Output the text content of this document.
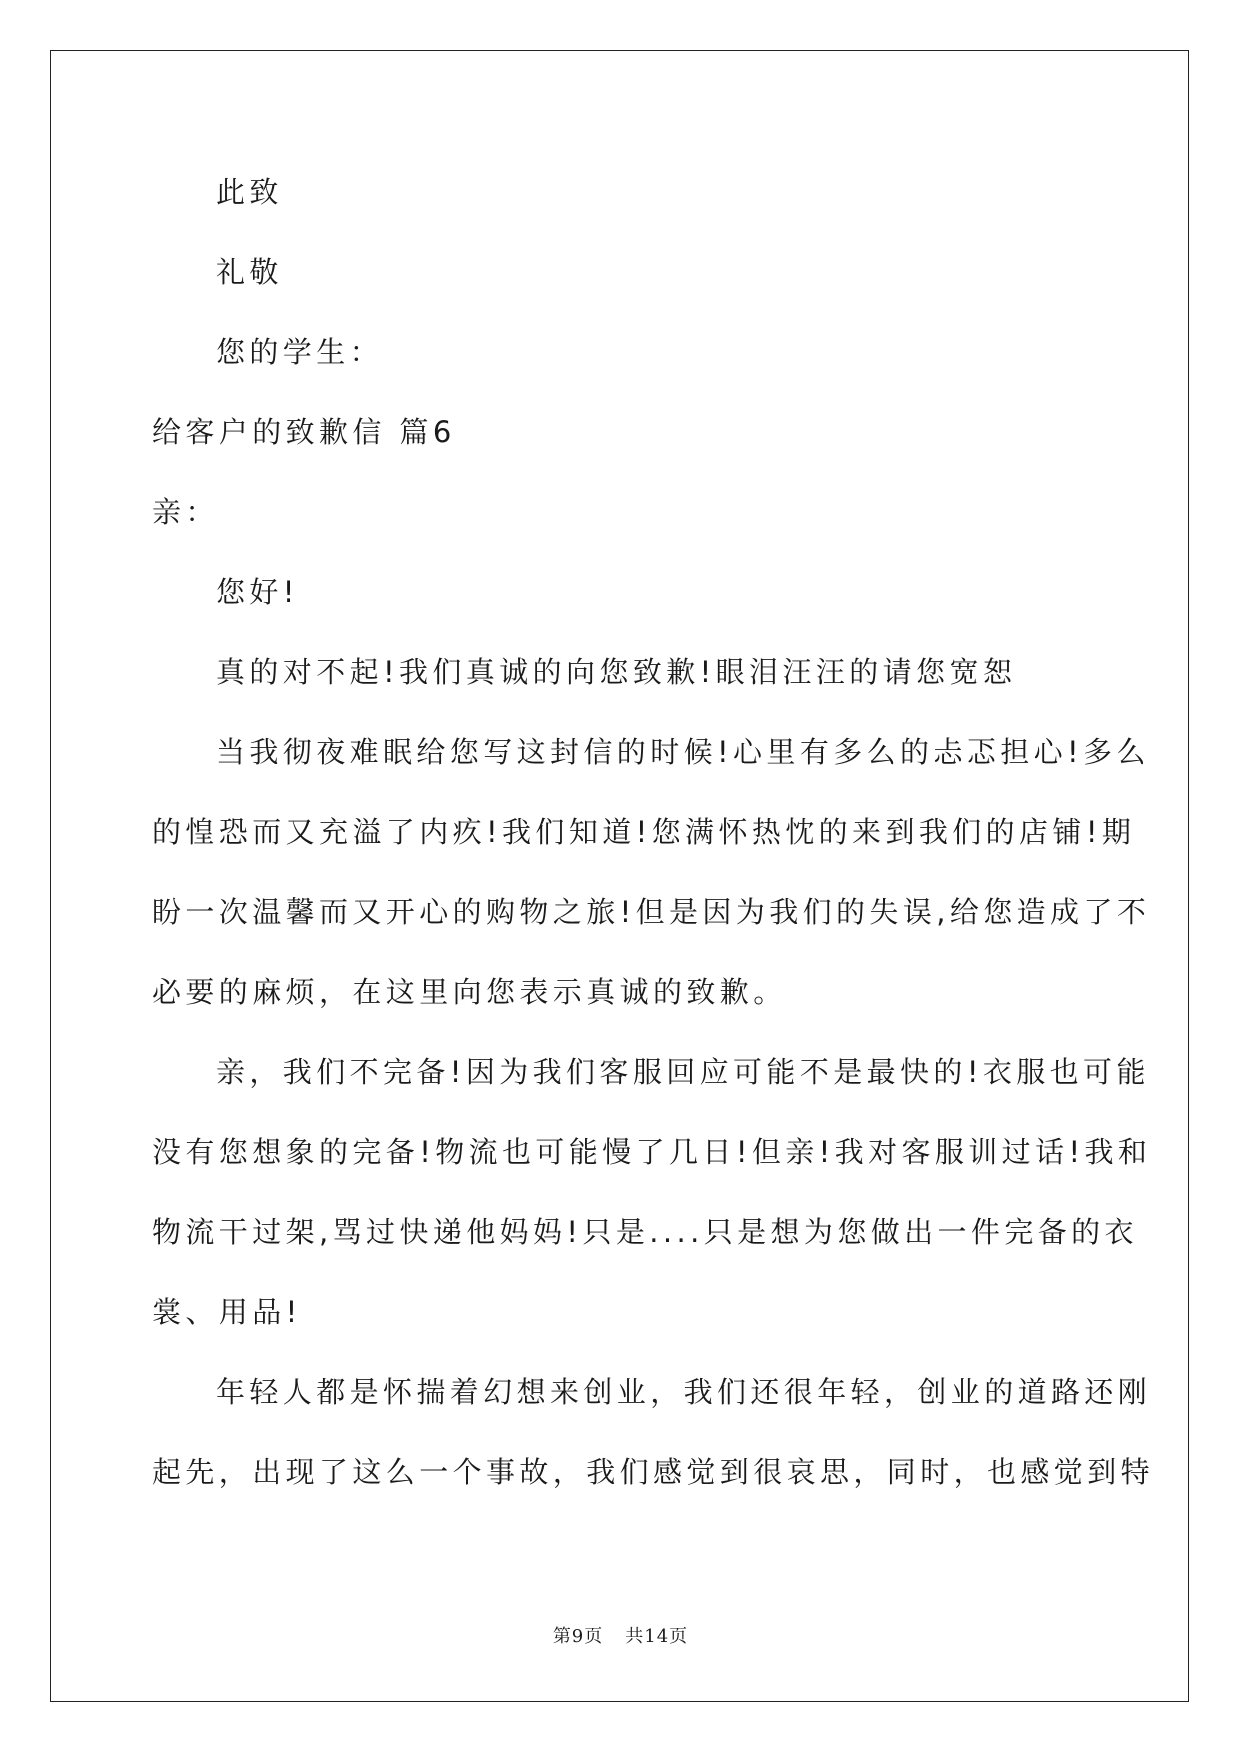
此致
礼敬
您的学生：
给客户的致歉信 篇6
亲：
您好!
真的对不起!我们真诚的向您致歉!眼泪汪汪的请您宽恕
当我彻夜难眠给您写这封信的时候!心里有多么的忐忑担心!多么
的惶恐而又充溢了内疚!我们知道!您满怀热忱的来到我们的店铺!期
盼一次温馨而又开心的购物之旅!但是因为我们的失误,给您造成了不
必要的麻烦，在这里向您表示真诚的致歉。
亲，我们不完备!因为我们客服回应可能不是最快的!衣服也可能
没有您想象的完备!物流也可能慢了几日!但亲!我对客服训过话!我和
物流干过架,骂过快递他妈妈!只是....只是想为您做出一件完备的衣
裳、用品!
年轻人都是怀揣着幻想来创业，我们还很年轻，创业的道路还刚
起先，出现了这么一个事故，我们感觉到很哀思，同时，也感觉到特
第9页 共14页
